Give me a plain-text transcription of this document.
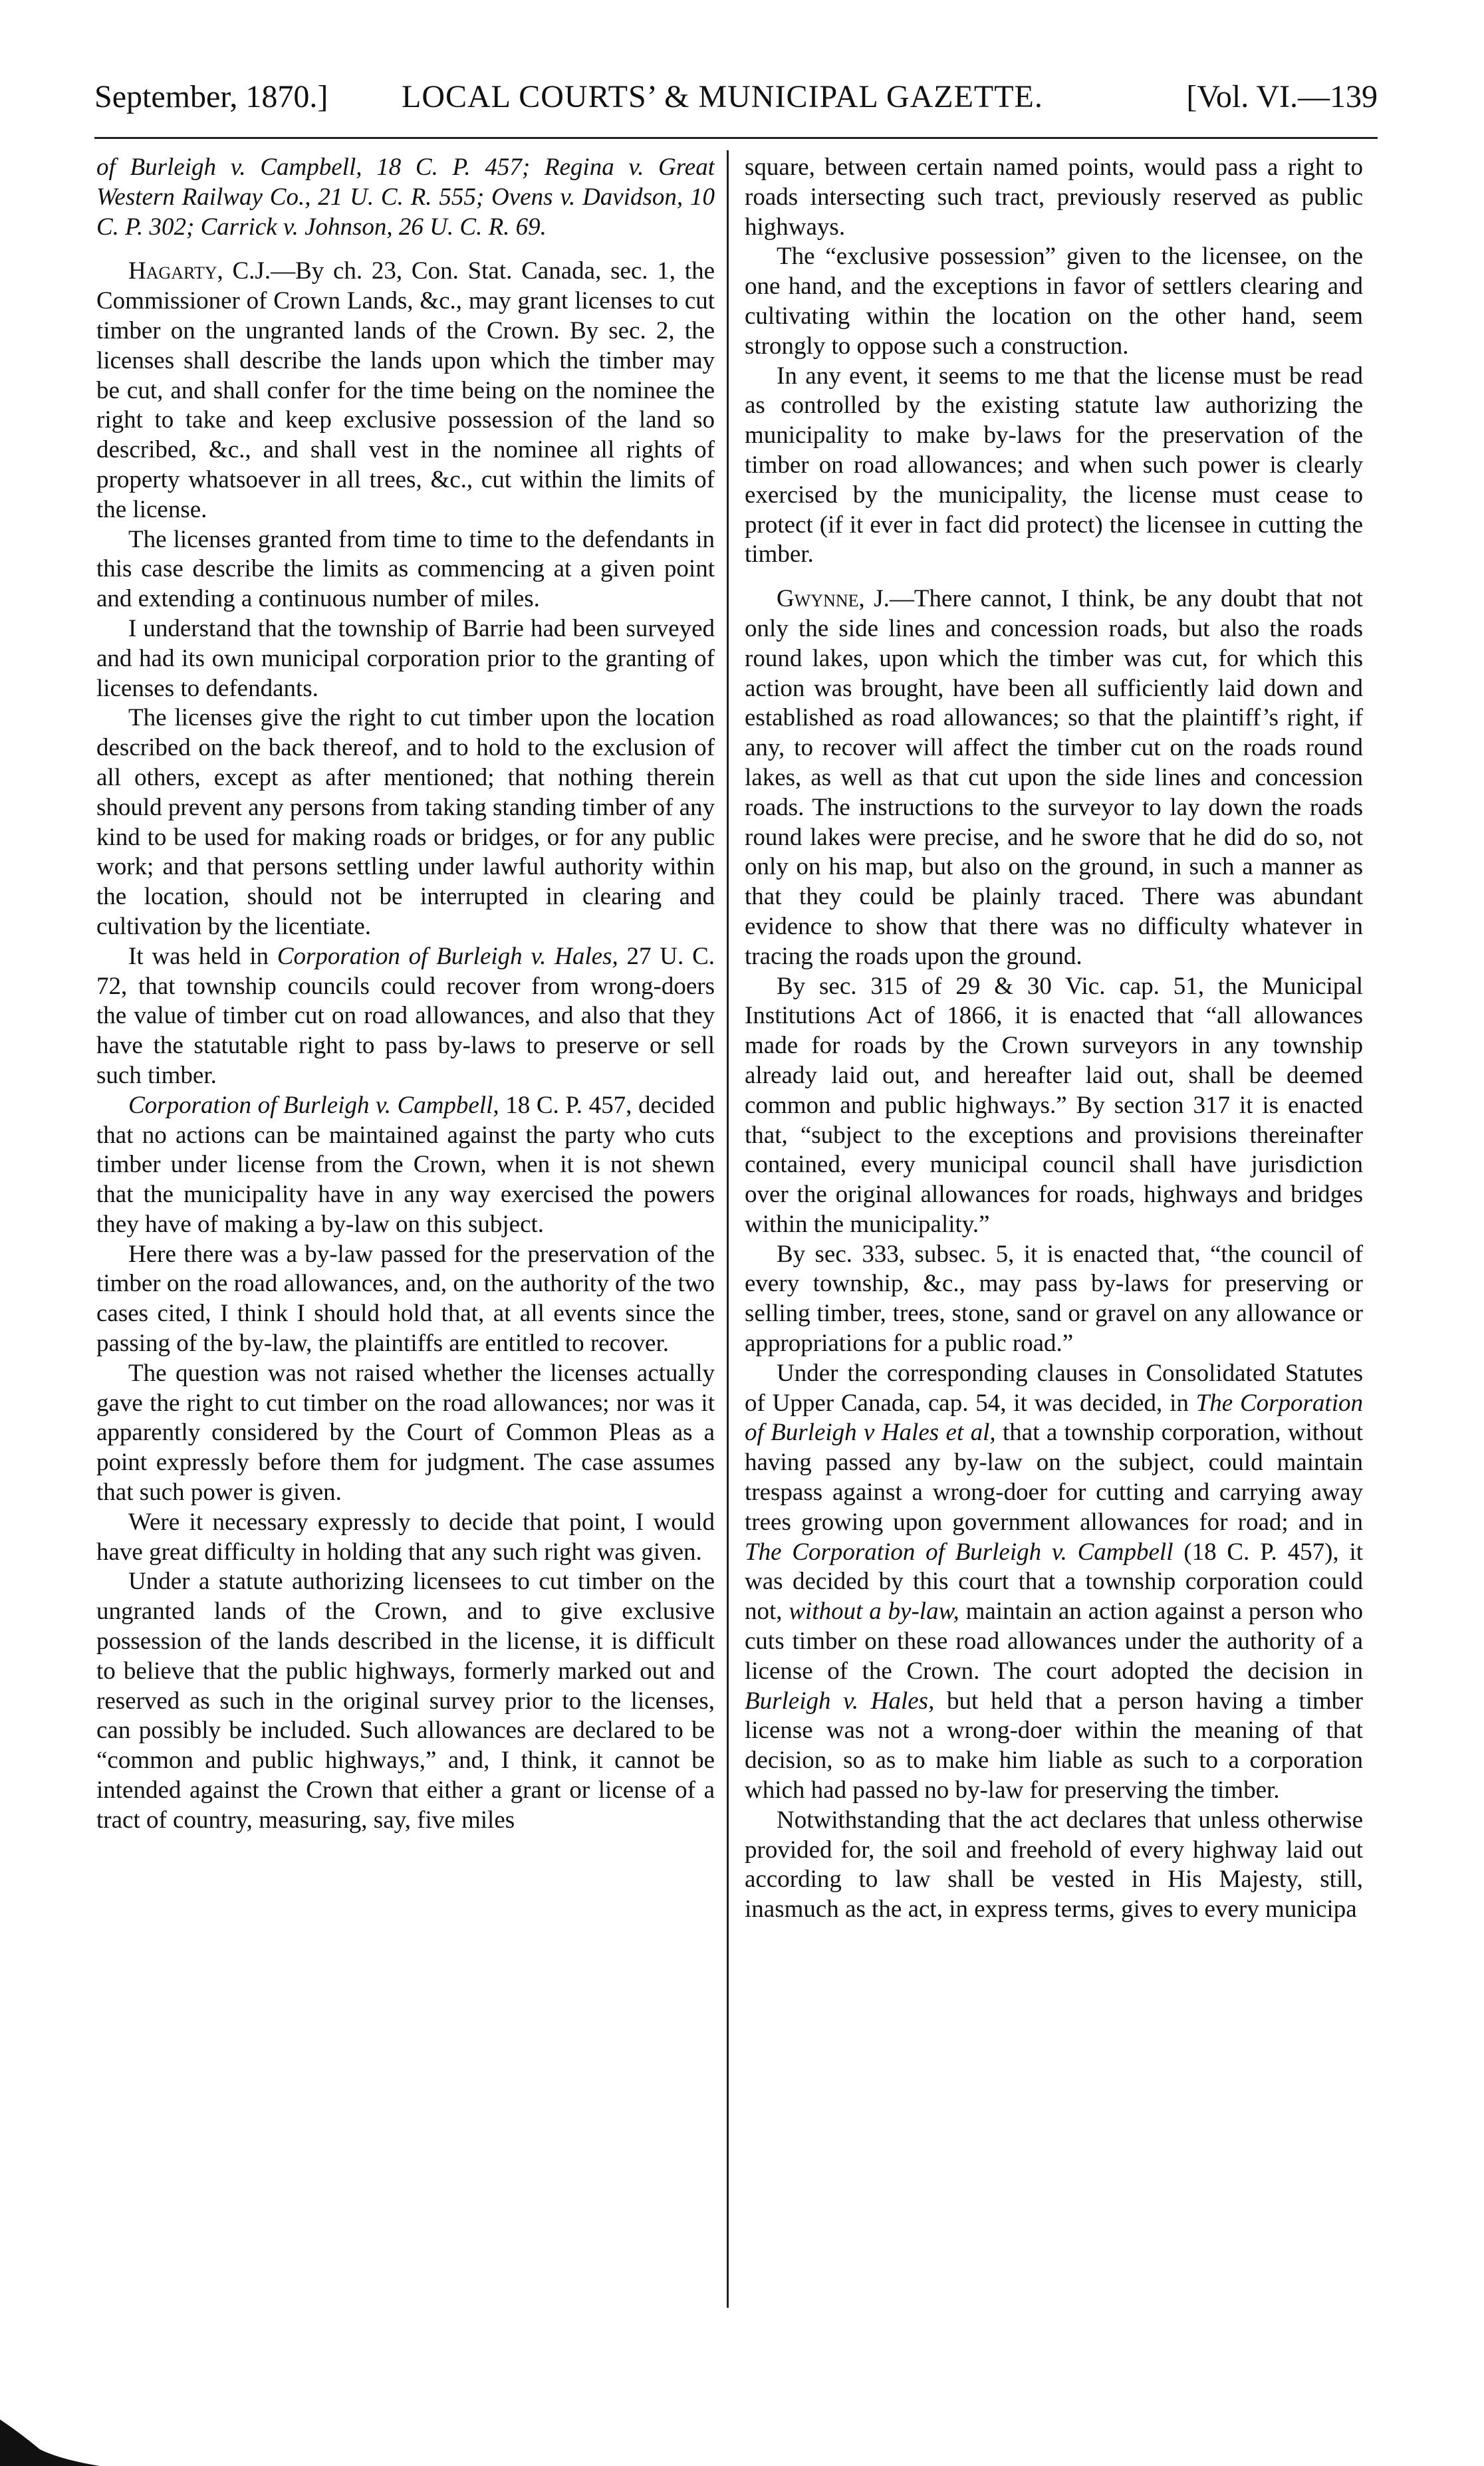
September, 1870.] LOCAL COURTS’ & MUNICIPAL GAZETTE.	[Vol. VI.—139

of Burleigh v. Campbell, 18 C. P. 457; Regina v. Great Western Railway Co., 21 U. C. R. 555; Ovens v. Davidson, 10 C. P. 302; Carrick v. Johnson, 26 U. C. R. 69.

Hagarty, C.J.—By ch. 23, Con. Stat. Canada, sec. 1, the Commissioner of Crown Lands, &c., may grant licenses to cut timber on the ungranted lands of the Crown. By sec. 2, the licenses shall describe the lands upon which the timber may be cut, and shall confer for the time being on the nominee the right to take and keep exclusive possession of the land so described, &c., and shall vest in the nominee all rights of property whatsoever in all trees, &c., cut within the limits of the license.

The licenses granted from time to time to the defendants in this case describe the limits as commencing at a given point and extending a continuous number of miles.

I understand that the township of Barrie had been surveyed and had its own municipal corporation prior to the granting of licenses to defendants.

The licenses give the right to cut timber upon the location described on the back thereof, and to hold to the exclusion of all others, except as after mentioned; that nothing therein should prevent any persons from taking standing timber of any kind to be used for making roads or bridges, or for any public work; and that persons settling under lawful authority within the location, should not be interrupted in clearing and cultivation by the licentiate.

It was held in Corporation of Burleigh v. Hales, 27 U. C. 72, that township councils could recover from wrong-doers the value of timber cut on road allowances, and also that they have the statutable right to pass by-laws to preserve or sell such timber.

Corporation of Burleigh v. Campbell, 18 C. P. 457, decided that no actions can be maintained against the party who cuts timber under license from the Crown, when it is not shewn that the municipality have in any way exercised the powers they have of making a by-law on this subject.

Here there was a by-law passed for the preservation of the timber on the road allowances, and, on the authority of the two cases cited, I think I should hold that, at all events since the passing of the by-law, the plaintiffs are entitled to recover.

The question was not raised whether the licenses actually gave the right to cut timber on the road allowances; nor was it apparently considered by the Court of Common Pleas as a point expressly before them for judgment. The case assumes that such power is given.

Were it necessary expressly to decide that point, I would have great difficulty in holding that any such right was given.

Under a statute authorizing licensees to cut timber on the ungranted lands of the Crown, and to give exclusive possession of the lands described in the license, it is difficult to believe that the public highways, formerly marked out and reserved as such in the original survey prior to the licenses, can possibly be included. Such allowances are declared to be “common and public highways,” and, I think, it cannot be intended against the Crown that either a grant or license of a tract of country, measuring, say, five miles

square, between certain named points, would pass a right to roads intersecting such tract, previously reserved as public highways.

The “exclusive possession” given to the licensee, on the one hand, and the exceptions in favor of settlers clearing and cultivating within the location on the other hand, seem strongly to oppose such a construction.

In any event, it seems to me that the license must be read as controlled by the existing statute law authorizing the municipality to make by-laws for the preservation of the timber on road allowances; and when such power is clearly exercised by the municipality, the license must cease to protect (if it ever in fact did protect) the licensee in cutting the timber.

Gwynne, J.—There cannot, I think, be any doubt that not only the side lines and concession roads, but also the roads round lakes, upon which the timber was cut, for which this action was brought, have been all sufficiently laid down and established as road allowances; so that the plaintiff’s right, if any, to recover will affect the timber cut on the roads round lakes, as well as that cut upon the side lines and concession roads. The instructions to the surveyor to lay down the roads round lakes were precise, and he swore that he did do so, not only on his map, but also on the ground, in such a manner as that they could be plainly traced. There was abundant evidence to show that there was no difficulty whatever in tracing the roads upon the ground.

By sec. 315 of 29 & 30 Vic. cap. 51, the Municipal Institutions Act of 1866, it is enacted that “all allowances made for roads by the Crown surveyors in any township already laid out, and hereafter laid out, shall be deemed common and public highways.” By section 317 it is enacted that, “subject to the exceptions and provisions thereinafter contained, every municipal council shall have jurisdiction over the original allowances for roads, highways and bridges within the municipality.”

By sec. 333, subsec. 5, it is enacted that, “the council of every township, &c., may pass by-laws for preserving or selling timber, trees, stone, sand or gravel on any allowance or appropriations for a public road.”

Under the corresponding clauses in Consolidated Statutes of Upper Canada, cap. 54, it was decided, in The Corporation of Burleigh v Hales et al, that a township corporation, without having passed any by-law on the subject, could maintain trespass against a wrong-doer for cutting and carrying away trees growing upon government allowances for road; and in The Corporation of Burleigh v. Campbell (18 C. P. 457), it was decided by this court that a township corporation could not, without a by-law, maintain an action against a person who cuts timber on these road allowances under the authority of a license of the Crown. The court adopted the decision in Burleigh v. Hales, but held that a person having a timber license was not a wrong-doer within the meaning of that decision, so as to make him liable as such to a corporation which had passed no by-law for preserving the timber.

Notwithstanding that the act declares that unless otherwise provided for, the soil and freehold of every highway laid out according to law shall be vested in His Majesty, still, inasmuch as the act, in express terms, gives to every municipa
